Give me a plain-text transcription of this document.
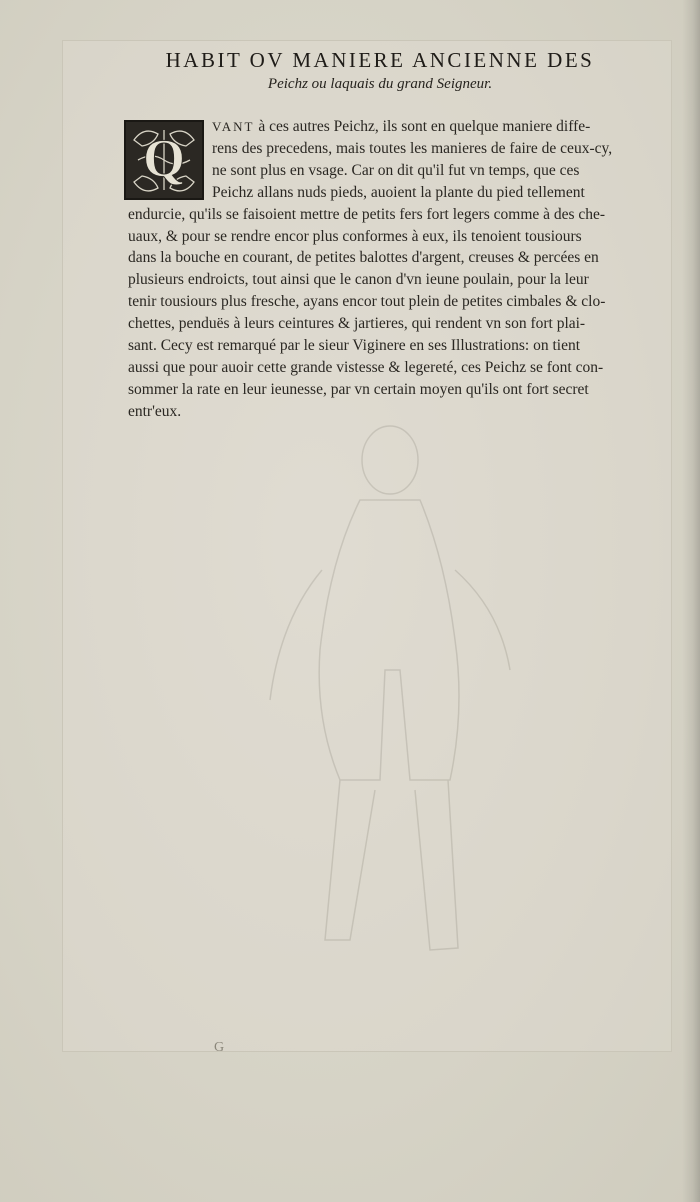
HABIT OV MANIERE ANCIENNE DES
Peichz ou laquais du grand Seigneur.
Q

VANT à ces autres Peichz, ils sont en quelque maniere diffe-
rens des precedens, mais toutes les manieres de faire de ceux-cy,
ne sont plus en vsage. Car on dit qu'il fut vn temps, que ces
Peichz allans nuds pieds, auoient la plante du pied tellement
endurcie, qu'ils se faisoient mettre de petits fers fort legers comme à des che-
uaux, & pour se rendre encor plus conformes à eux, ils tenoient tousiours
dans la bouche en courant, de petites balottes d'argent, creuses & percées en
plusieurs endroicts, tout ainsi que le canon d'vn ieune poulain, pour la leur
tenir tousiours plus fresche, ayans encor tout plein de petites cimbales & clo-
chettes, penduës à leurs ceintures & jartieres, qui rendent vn son fort plai-
sant. Cecy est remarqué par le sieur Viginere en ses Illustrations: on tient
aussi que pour auoir cette grande vistesse & legereté, ces Peichz se font con-
sommer la rate en leur ieunesse, par vn certain moyen qu'ils ont fort secret
entr'eux.

G
